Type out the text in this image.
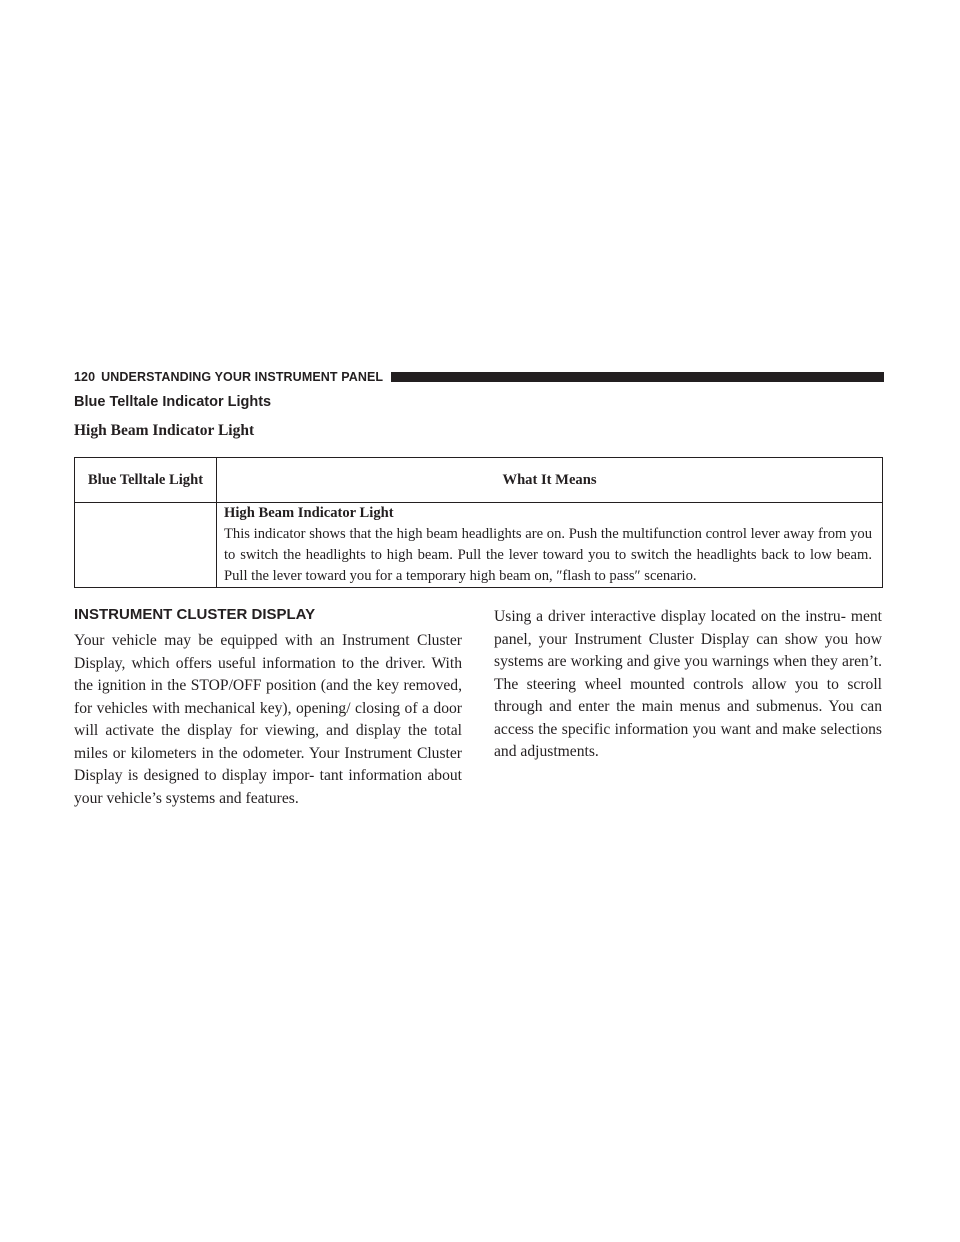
120 UNDERSTANDING YOUR INSTRUMENT PANEL
Blue Telltale Indicator Lights
High Beam Indicator Light
Blue Telltale Light	What It Means

	High Beam Indicator Light
This indicator shows that the high beam headlights are on. Push the multifunction control lever away from you to switch the headlights to high beam. Pull the lever toward you to switch the headlights back to low beam. Pull the lever toward you for a temporary high beam on, ″flash to pass″ scenario.
INSTRUMENT CLUSTER DISPLAY

Your vehicle may be equipped with an Instrument Cluster Display, which offers useful information to the driver. With the ignition in the STOP/OFF position (and the key removed, for vehicles with mechanical key), opening/ closing of a door will activate the display for viewing, and display the total miles or kilometers in the odometer. Your Instrument Cluster Display is designed to display impor- tant information about your vehicle’s systems and features.

Using a driver interactive display located on the instru- ment panel, your Instrument Cluster Display can show you how systems are working and give you warnings when they aren’t. The steering wheel mounted controls allow you to scroll through and enter the main menus and submenus. You can access the specific information you want and make selections and adjustments.
